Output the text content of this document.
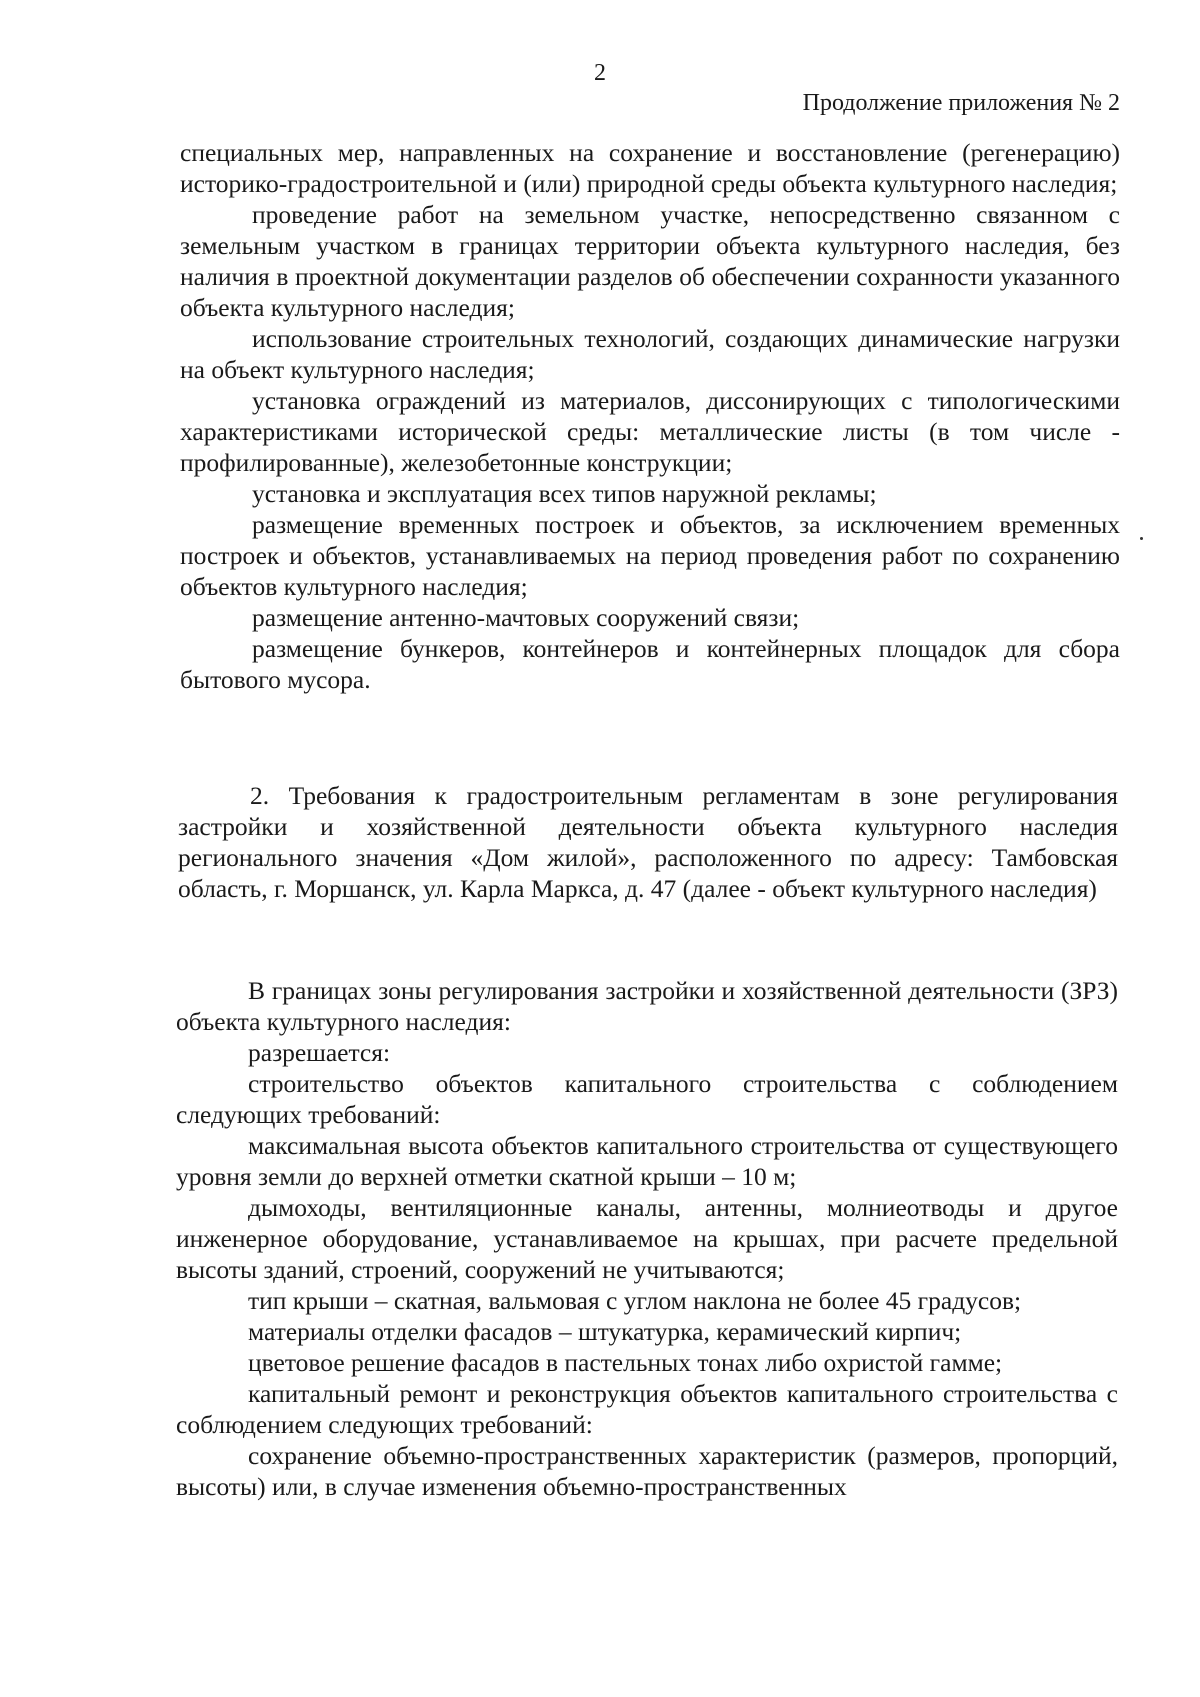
2
Продолжение приложения № 2

специальных мер, направленных на сохранение и восстановление (регенерацию) историко-градостроительной и (или) природной среды объекта культурного наследия;

проведение работ на земельном участке, непосредственно связанном с земельным участком в границах территории объекта культурного наследия, без наличия в проектной документации разделов об обеспечении сохранности указанного объекта культурного наследия;

использование строительных технологий, создающих динамические нагрузки на объект культурного наследия;

установка ограждений из материалов, диссонирующих с типологическими характеристиками исторической среды: металлические листы (в том числе - профилированные), железобетонные конструкции;

установка и эксплуатация всех типов наружной рекламы;

размещение временных построек и объектов, за исключением временных построек и объектов, устанавливаемых на период проведения работ по сохранению объектов культурного наследия;

размещение антенно-мачтовых сооружений связи;

размещение бункеров, контейнеров и контейнерных площадок для сбора бытового мусора.

2. Требования к градостроительным регламентам в зоне регулирования застройки и хозяйственной деятельности объекта культурного наследия регионального значения «Дом жилой», расположенного по адресу: Тамбовская область, г. Моршанск, ул. Карла Маркса, д. 47 (далее - объект культурного наследия)

В границах зоны регулирования застройки и хозяйственной деятельности (ЗРЗ) объекта культурного наследия:

разрешается:

строительство объектов капитального строительства с соблюдением следующих требований:

максимальная высота объектов капитального строительства от существующего уровня земли до верхней отметки скатной крыши – 10 м;

дымоходы, вентиляционные каналы, антенны, молниеотводы и другое инженерное оборудование, устанавливаемое на крышах, при расчете предельной высоты зданий, строений, сооружений не учитываются;

тип крыши – скатная, вальмовая с углом наклона не более 45 градусов;

материалы отделки фасадов – штукатурка, керамический кирпич;

цветовое решение фасадов в пастельных тонах либо охристой гамме;

капитальный ремонт и реконструкция объектов капитального строительства с соблюдением следующих требований:

сохранение объемно-пространственных характеристик (размеров, пропорций, высоты) или, в случае изменения объемно-пространственных
